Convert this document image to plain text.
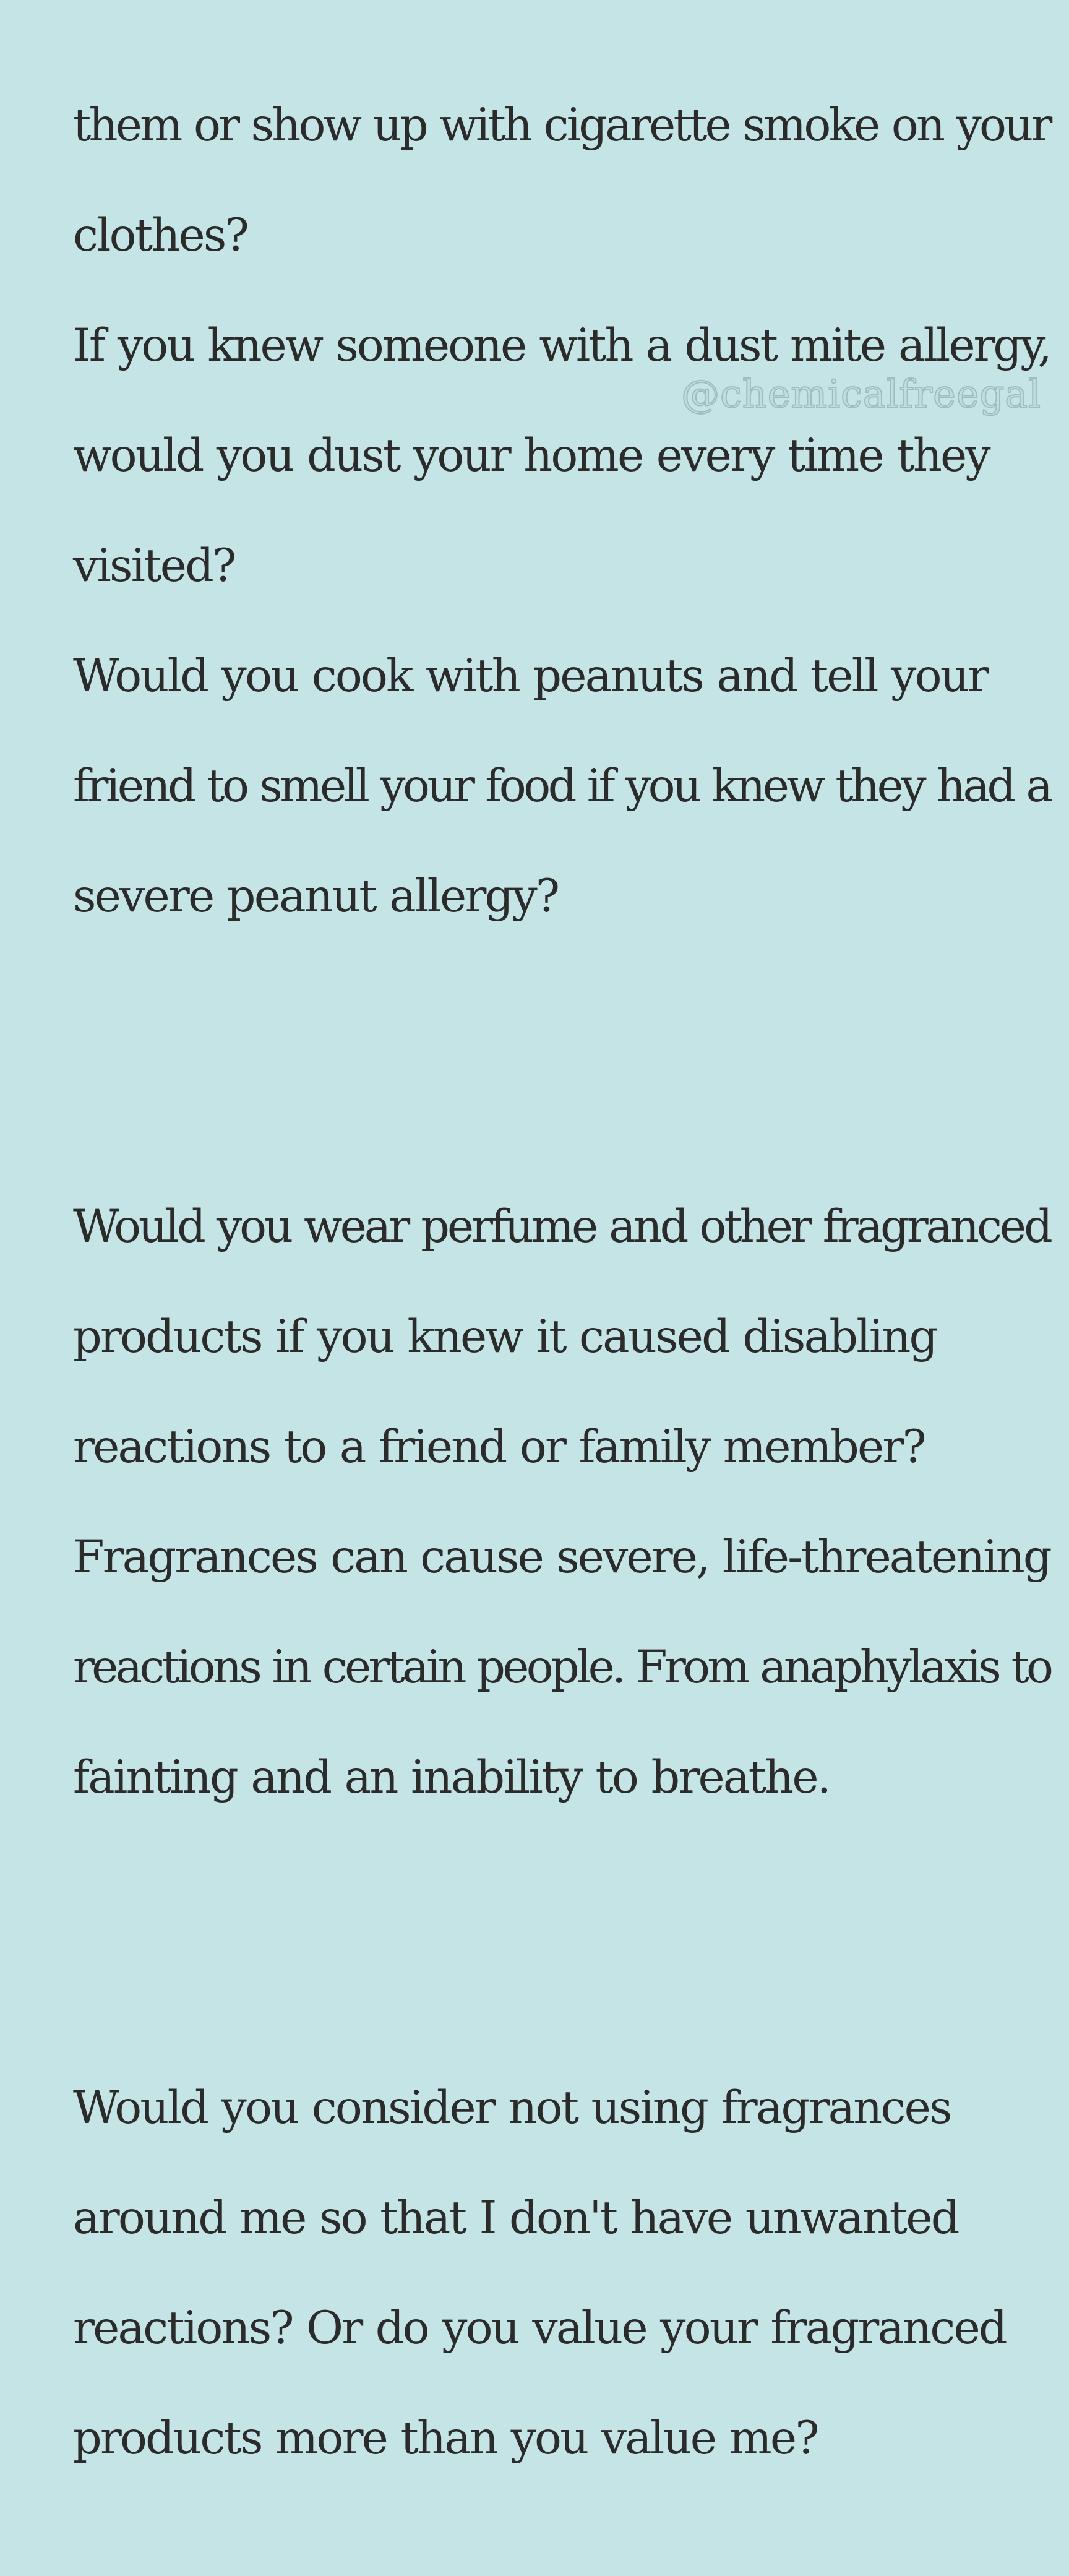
them or show up with cigarette smoke on your

clothes?

If you knew someone with a dust mite allergy,

would you dust your home every time they

visited?

Would you cook with peanuts and tell your

friend to smell your food if you knew they had a

severe peanut allergy?

Would you wear perfume and other fragranced

products if you knew it caused disabling

reactions to a friend or family member?

Fragrances can cause severe, life-threatening

reactions in certain people. From anaphylaxis to

fainting and an inability to breathe.

Would you consider not using fragrances

around me so that I don't have unwanted

reactions? Or do you value your fragranced

products more than you value me?

@chemicalfreegal
